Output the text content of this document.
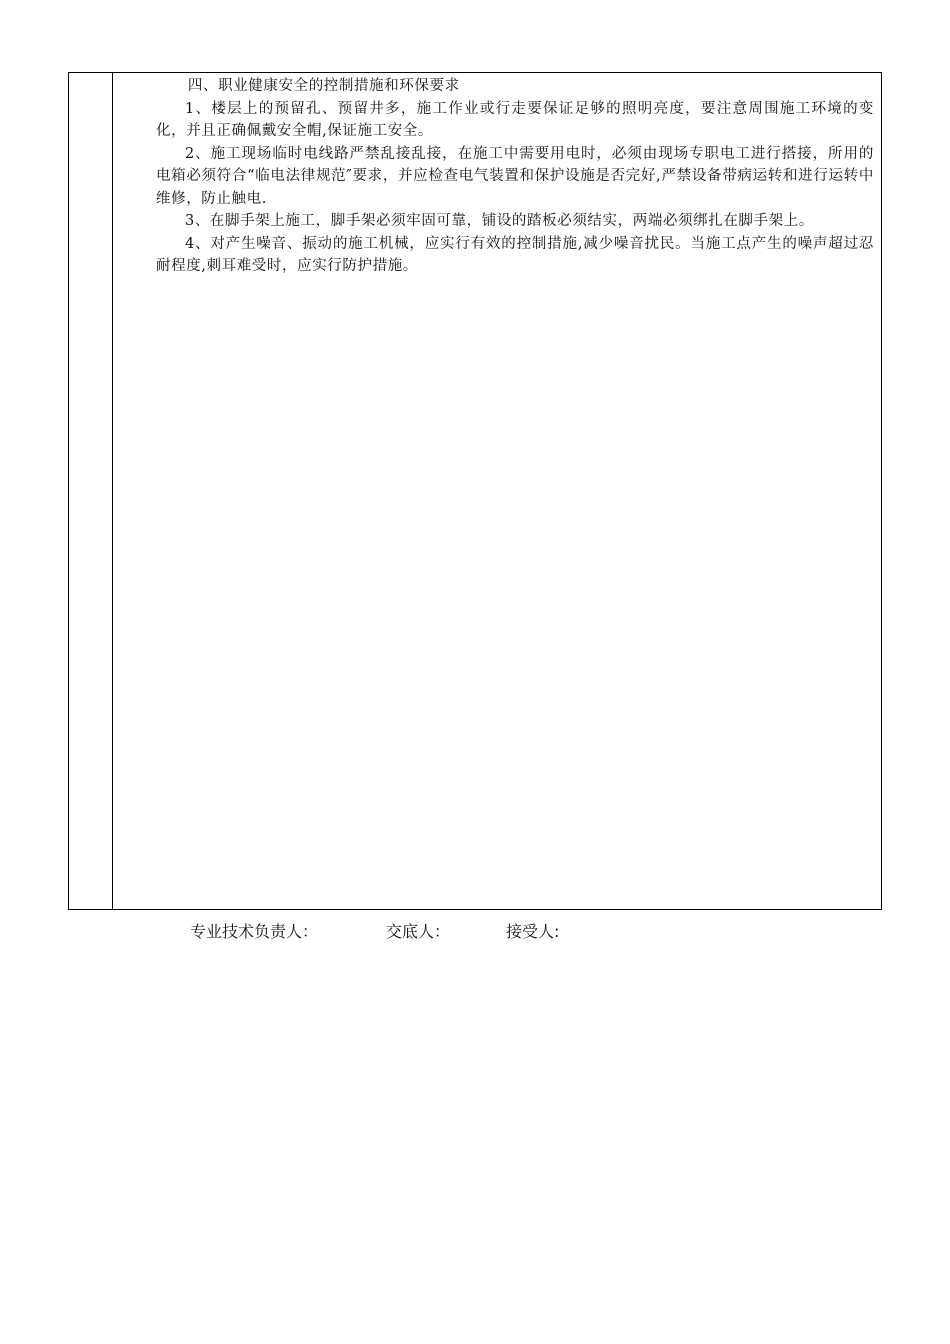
四、职业健康安全的控制措施和环保要求

1、楼层上的预留孔、预留井多，施工作业或行走要保证足够的照明亮度，要注意周围施工环境的变化，并且正确佩戴安全帽,保证施工安全。

2、施工现场临时电线路严禁乱接乱接，在施工中需要用电时，必须由现场专职电工进行搭接，所用的电箱必须符合“临电法律规范″要求，并应检查电气装置和保护设施是否完好,严禁设备带病运转和进行运转中维修，防止触电.

3、在脚手架上施工，脚手架必须牢固可靠，铺设的踏板必须结实，两端必须绑扎在脚手架上。

4、对产生噪音、振动的施工机械，应实行有效的控制措施,减少噪音扰民。当施工点产生的噪声超过忍耐程度,刺耳难受时，应实行防护措施。

专业技术负责人：	交底人：	接受人:
